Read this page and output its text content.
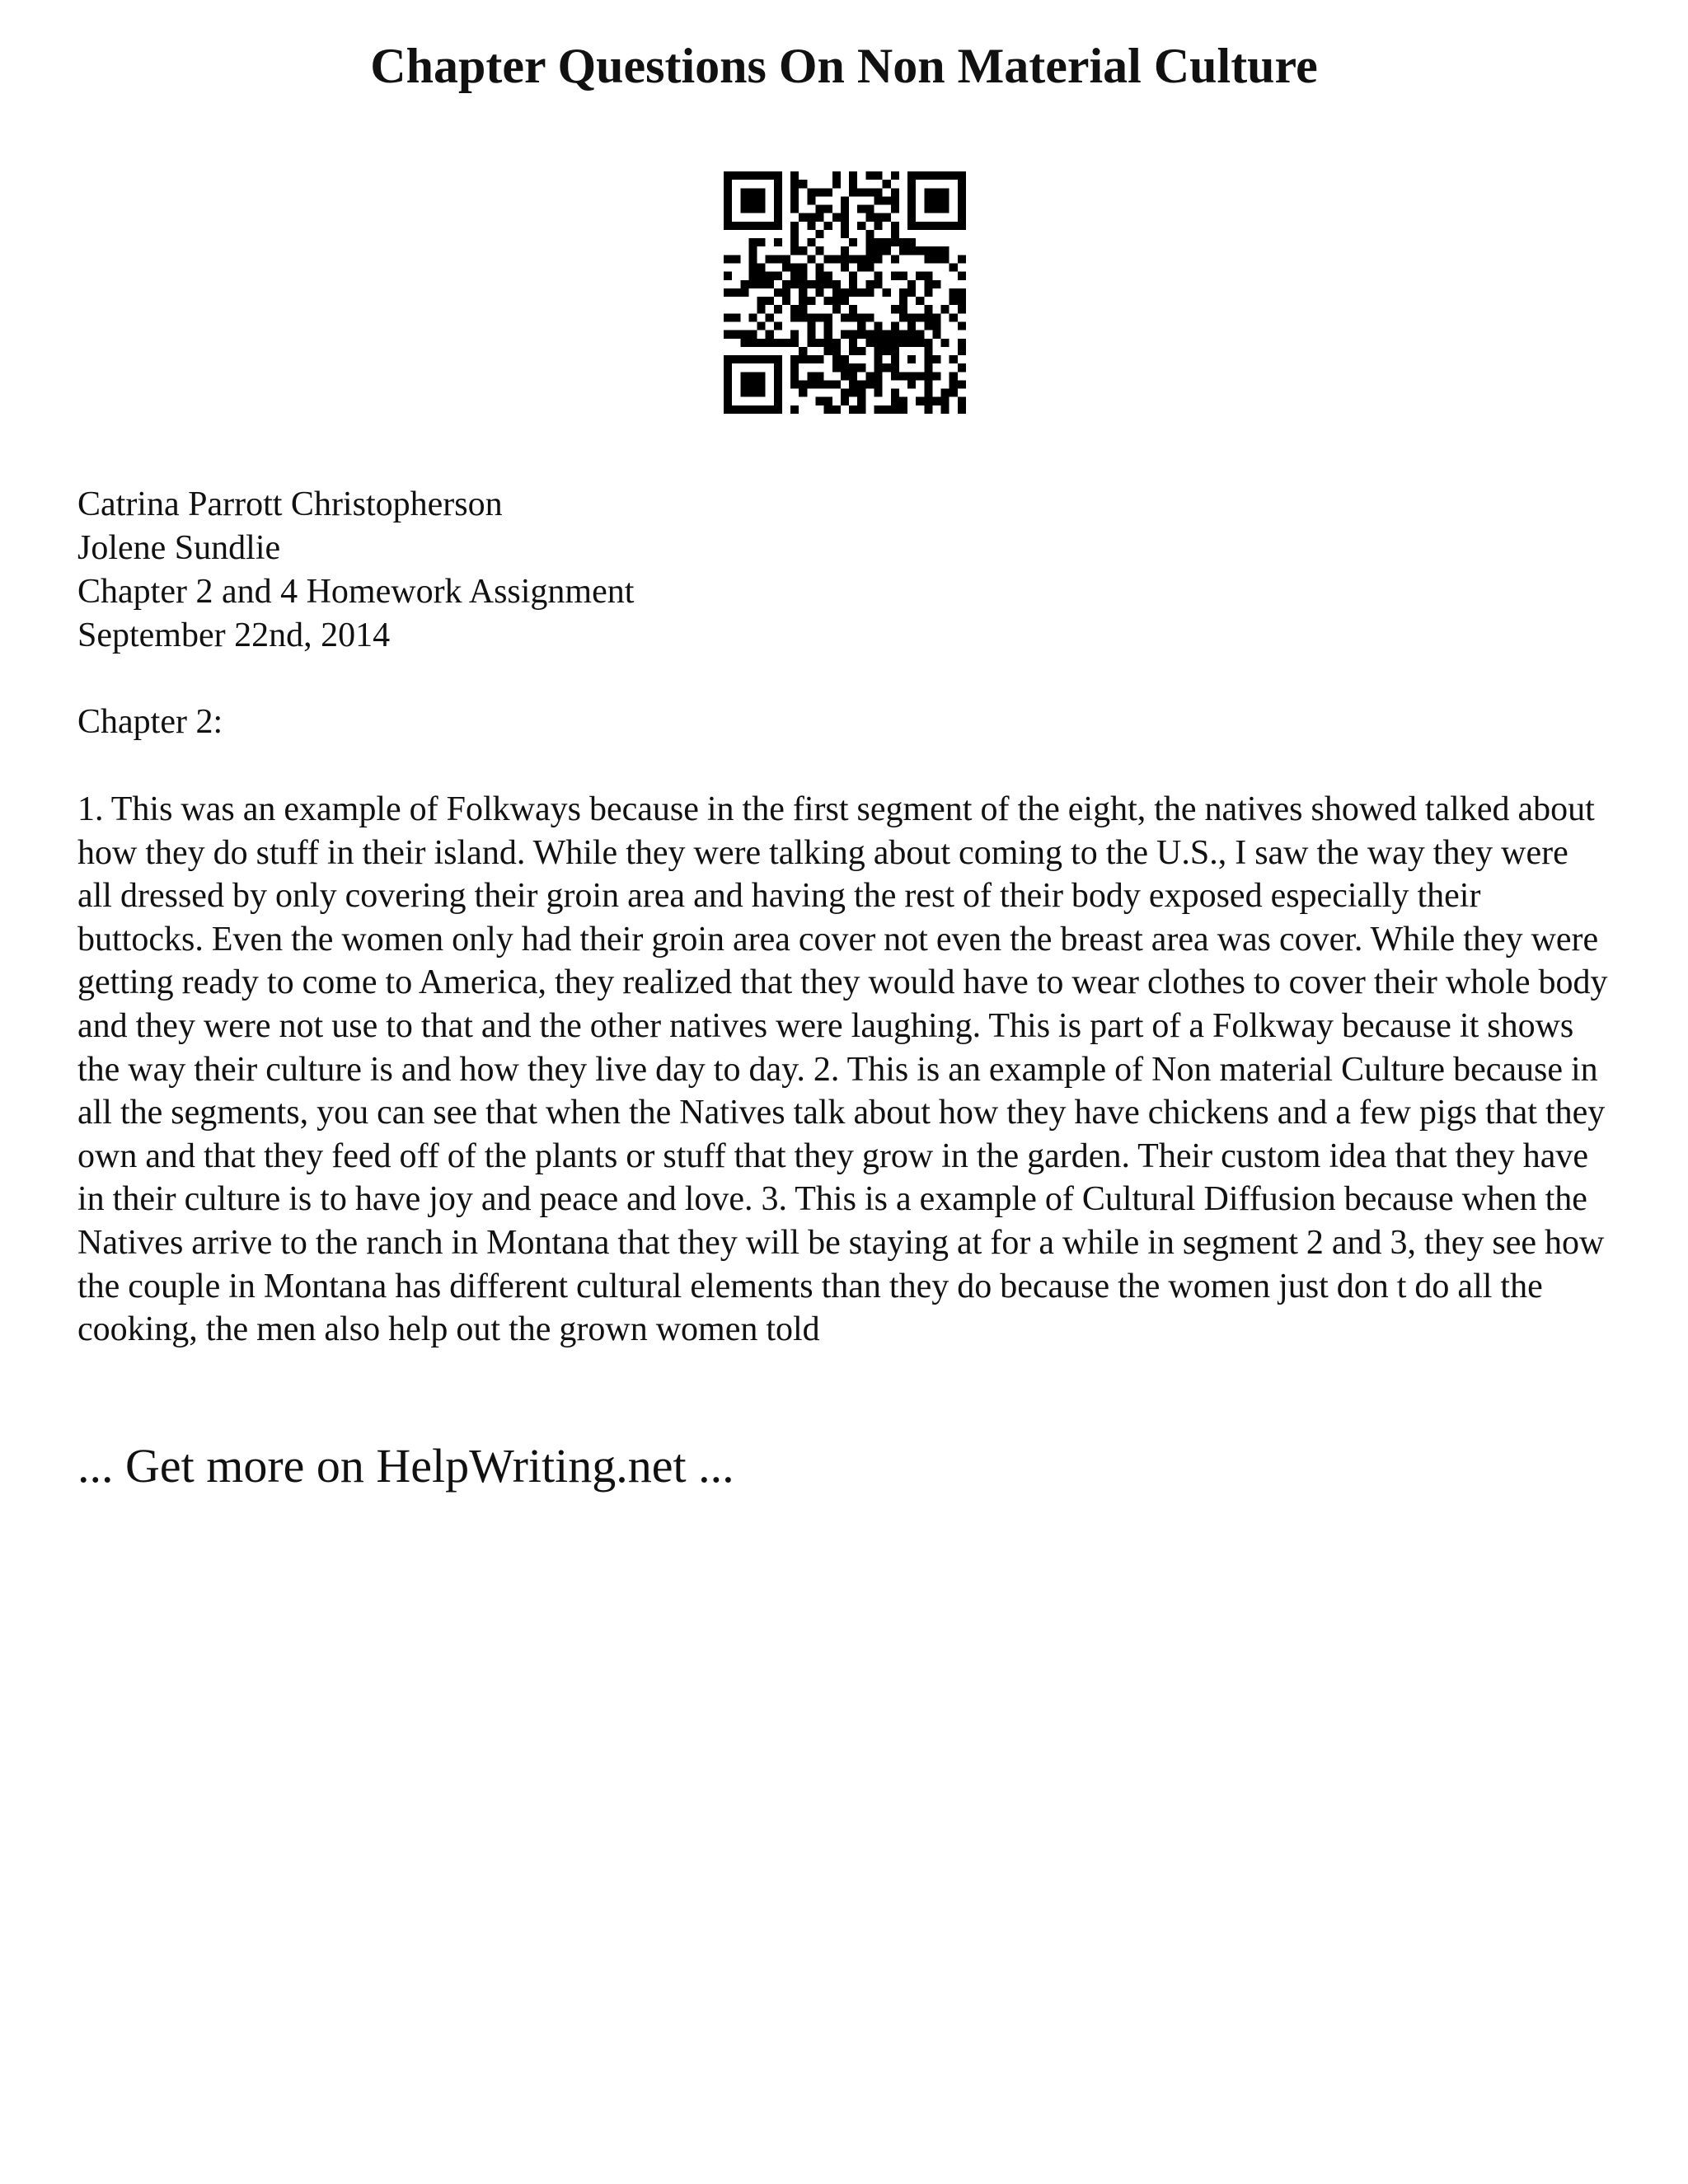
Chapter Questions On Non Material Culture
Catrina Parrott Christopherson
Jolene Sundlie
Chapter 2 and 4 Homework Assignment
September 22nd, 2014
Chapter 2:

1. This was an example of Folkways because in the first segment of the eight, the natives showed talked about how they do stuff in their island. While they were talking about coming to the U.S., I saw the way they were all dressed by only covering their groin area and having the rest of their body exposed especially their buttocks. Even the women only had their groin area cover not even the breast area was cover. While they were getting ready to come to America, they realized that they would have to wear clothes to cover their whole body and they were not use to that and the other natives were laughing. This is part of a Folkway because it shows the way their culture is and how they live day to day. 2. This is an example of Non material Culture because in all the segments, you can see that when the Natives talk about how they have chickens and a few pigs that they own and that they feed off of the plants or stuff that they grow in the garden. Their custom idea that they have in their culture is to have joy and peace and love. 3. This is a example of Cultural Diffusion because when the Natives arrive to the ranch in Montana that they will be staying at for a while in segment 2 and 3, they see how the couple in Montana has different cultural elements than they do because the women just don t do all the cooking, the men also help out the grown women told

... Get more on HelpWriting.net ...
